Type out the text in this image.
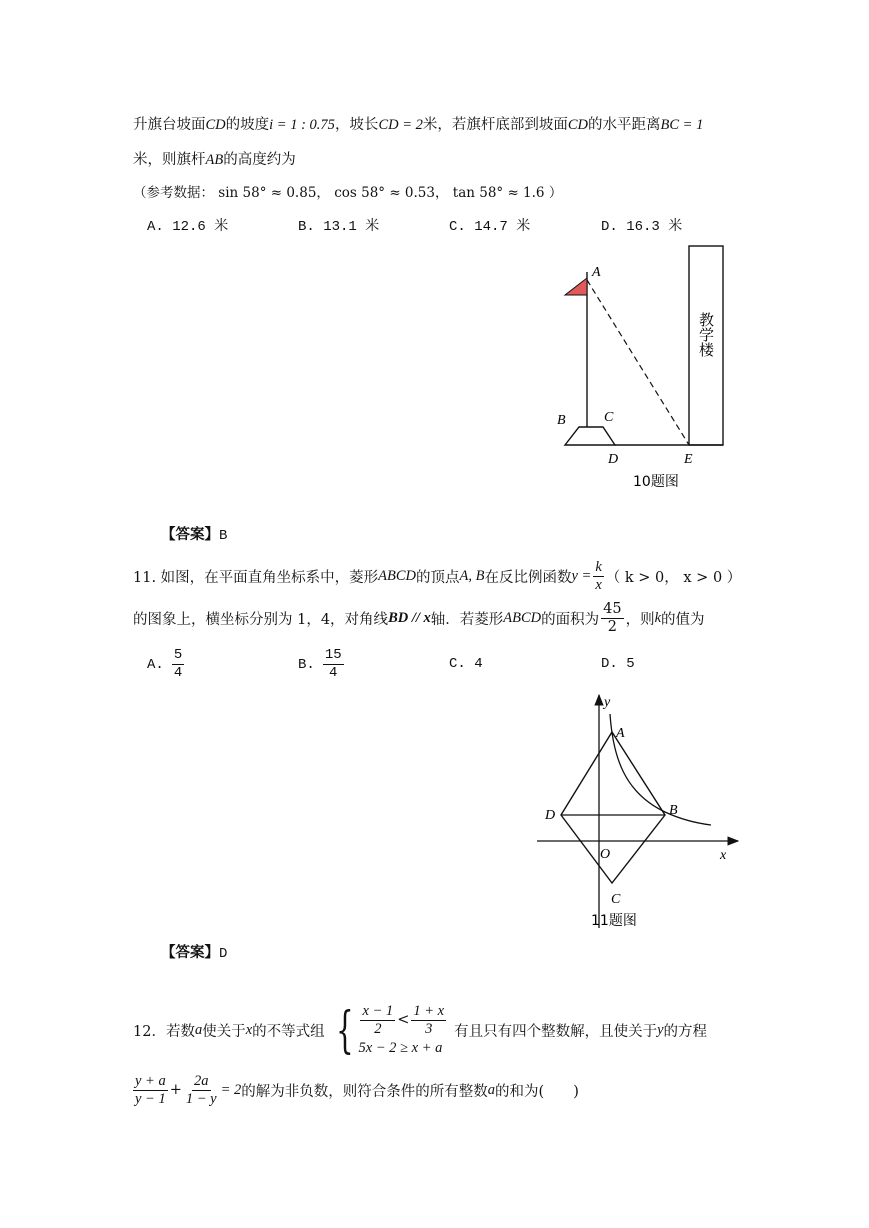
升旗台坡面CD的坡度i = 1 : 0.75，坡长CD = 2米，若旗杆底部到坡面CD的水平距离BC = 1
米，则旗杆AB的高度约为
（参考数据： sin 58° ≈ 0.85， cos 58° ≈ 0.53， tan 58° ≈ 1.6 ）
A. 12.6 米	B. 13.1 米	C. 14.7 米	D. 16.3 米
A
B	C
D	E
教学楼
10题图
【答案】B
11. 如图，在平面直角坐标系中，菱形 ABCD 的顶点 A, B 在反比例函数 $y = \frac{k}{x}$ （ k > 0， x > 0 ）
的图象上，横坐标分别为 1，4，对角线 BD // x 轴．若菱形 ABCD 的面积为 $\frac{45}{2}$ ，则 k 的值为
A. $\frac{5}{4}$	B. $\frac{15}{4}$	C. 4	D. 5
y
x
A
B
D
O
C
11题图
【答案】D
12．若数 a 使关于 x 的不等式组 { $\frac{x - 1}{2} < \frac{1 + x}{3}$
5x − 2 ≥ x + a
有且只有四个整数解，且使关于 y 的方程
$\frac{y + a}{y - 1} + \frac{2a}{1 - y} = 2$ 的解为非负数，则符合条件的所有整数 a 的和为(　　)
